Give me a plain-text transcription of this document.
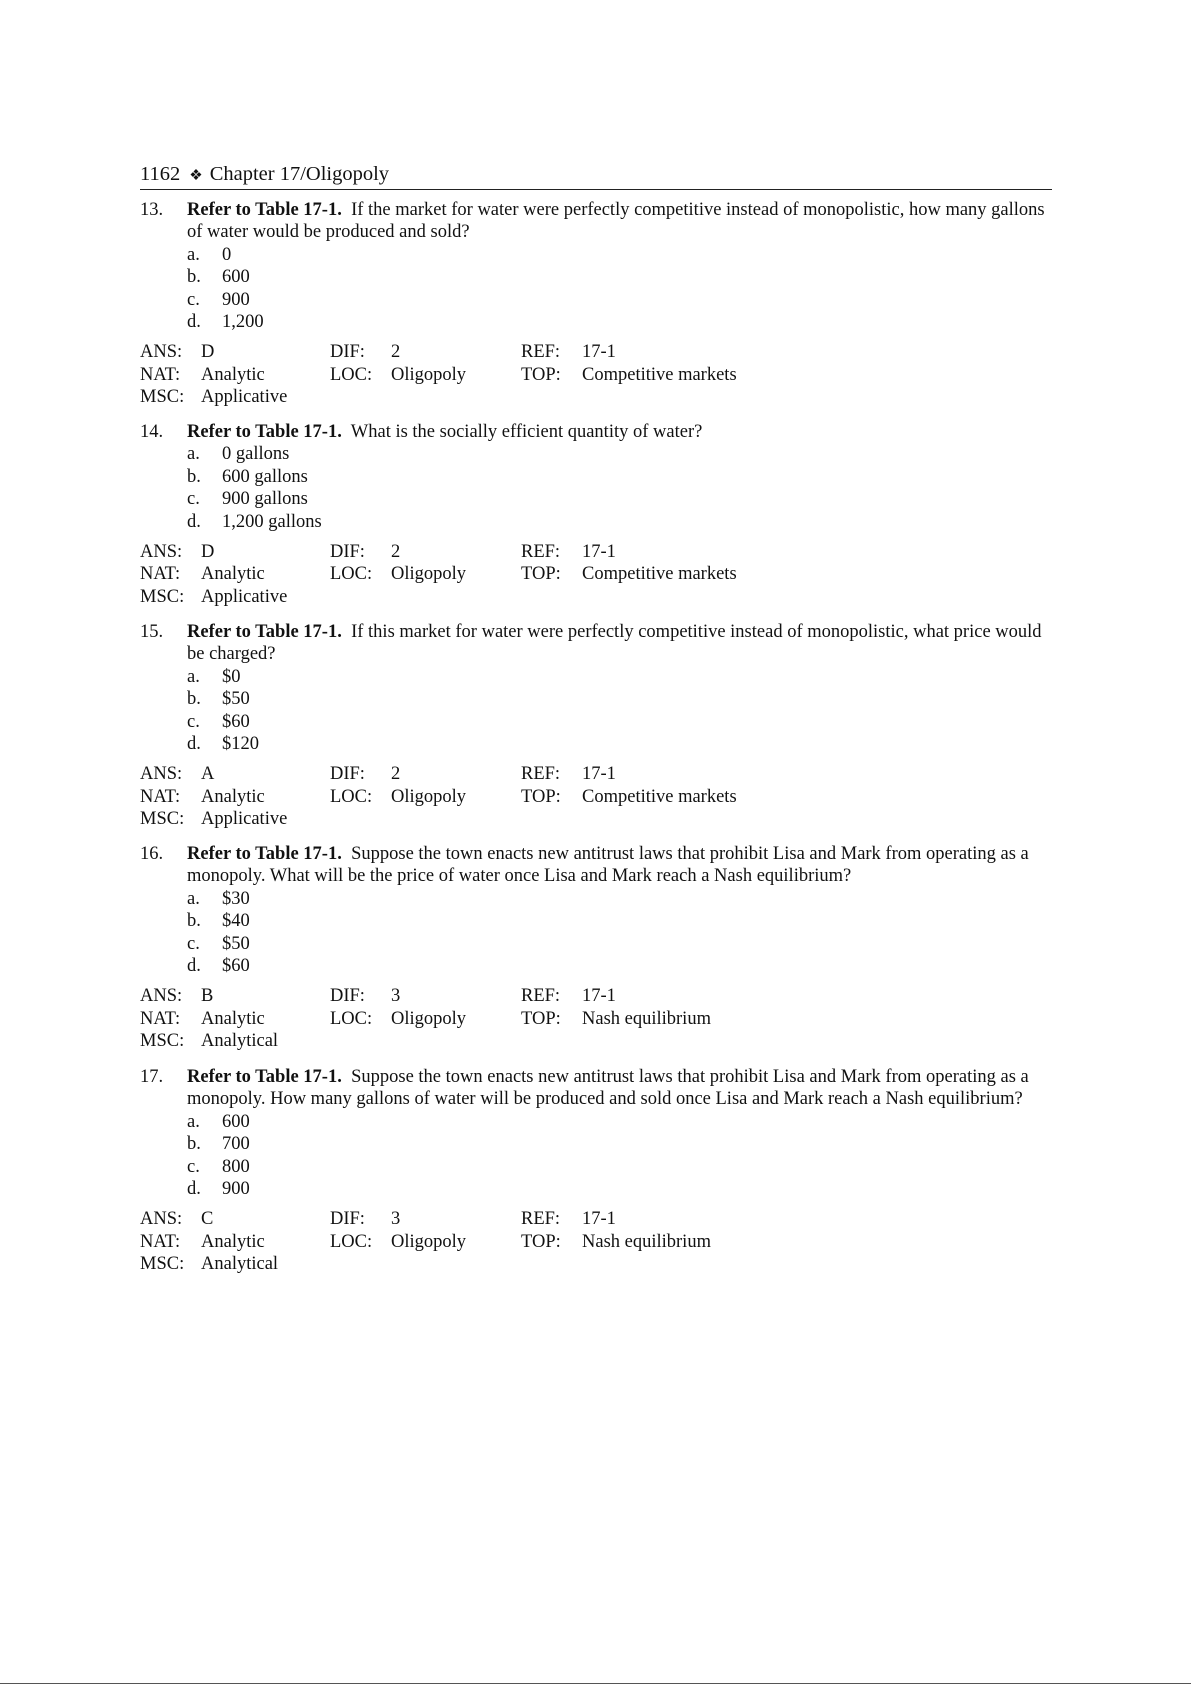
1162 ❖ Chapter 17/Oligopoly
13. Refer to Table 17-1. If the market for water were perfectly competitive instead of monopolistic, how many gallons of water would be produced and sold?
a. 0
b. 600
c. 900
d. 1,200
ANS: D	DIF: 2	REF: 17-1
NAT: Analytic	LOC: Oligopoly	TOP: Competitive markets
MSC: Applicative
14. Refer to Table 17-1. What is the socially efficient quantity of water?
a. 0 gallons
b. 600 gallons
c. 900 gallons
d. 1,200 gallons
ANS: D	DIF: 2	REF: 17-1
NAT: Analytic	LOC: Oligopoly	TOP: Competitive markets
MSC: Applicative
15. Refer to Table 17-1. If this market for water were perfectly competitive instead of monopolistic, what price would be charged?
a. $0
b. $50
c. $60
d. $120
ANS: A	DIF: 2	REF: 17-1
NAT: Analytic	LOC: Oligopoly	TOP: Competitive markets
MSC: Applicative
16. Refer to Table 17-1. Suppose the town enacts new antitrust laws that prohibit Lisa and Mark from operating as a monopoly. What will be the price of water once Lisa and Mark reach a Nash equilibrium?
a. $30
b. $40
c. $50
d. $60
ANS: B	DIF: 3	REF: 17-1
NAT: Analytic	LOC: Oligopoly	TOP: Nash equilibrium
MSC: Analytical
17. Refer to Table 17-1. Suppose the town enacts new antitrust laws that prohibit Lisa and Mark from operating as a monopoly. How many gallons of water will be produced and sold once Lisa and Mark reach a Nash equilibrium?
a. 600
b. 700
c. 800
d. 900
ANS: C	DIF: 3	REF: 17-1
NAT: Analytic	LOC: Oligopoly	TOP: Nash equilibrium
MSC: Analytical
